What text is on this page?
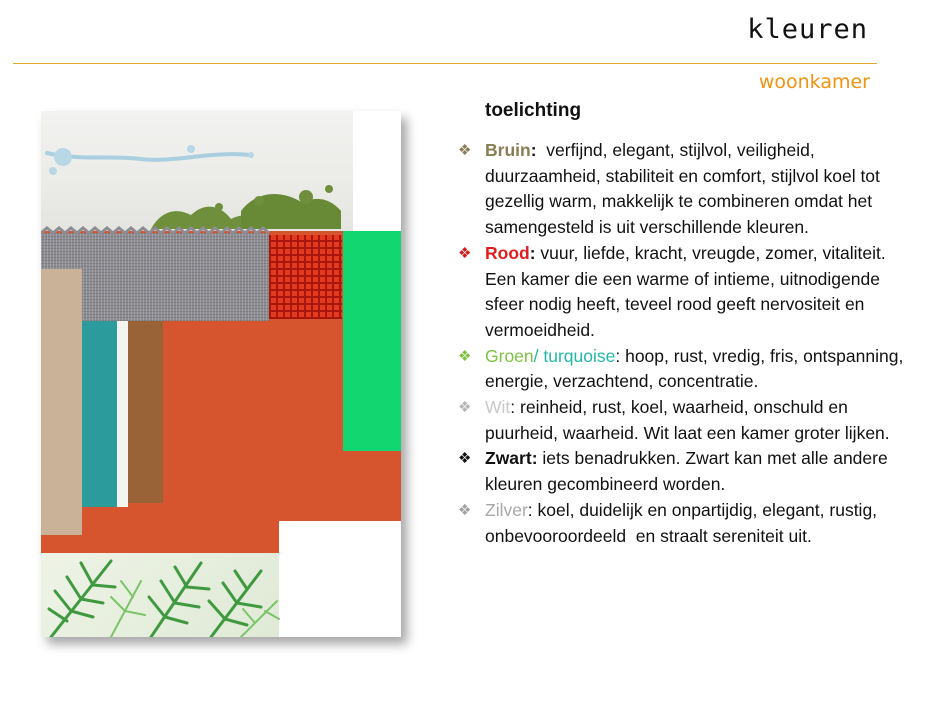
kleuren
woonkamer
toelichting
❖ Bruin:  verfijnd, elegant, stijlvol, veiligheid, duurzaamheid, stabiliteit en comfort, stijlvol koel tot gezellig warm, makkelijk te combineren omdat het samengesteld is uit verschillende kleuren.
❖ Rood: vuur, liefde, kracht, vreugde, zomer, vitaliteit. Een kamer die een warme of intieme, uitnodigende sfeer nodig heeft, teveel rood geeft nervositeit en vermoeidheid.
❖ Groen/ turquoise: hoop, rust, vredig, fris, ontspanning, energie, verzachtend, concentratie.
❖ Wit: reinheid, rust, koel, waarheid, onschuld en puurheid, waarheid. Wit laat een kamer groter lijken.
❖ Zwart: iets benadrukken. Zwart kan met alle andere kleuren gecombineerd worden.
❖ Zilver: koel, duidelijk en onpartijdig, elegant, rustig, onbevooroordeeld  en straalt sereniteit uit.
